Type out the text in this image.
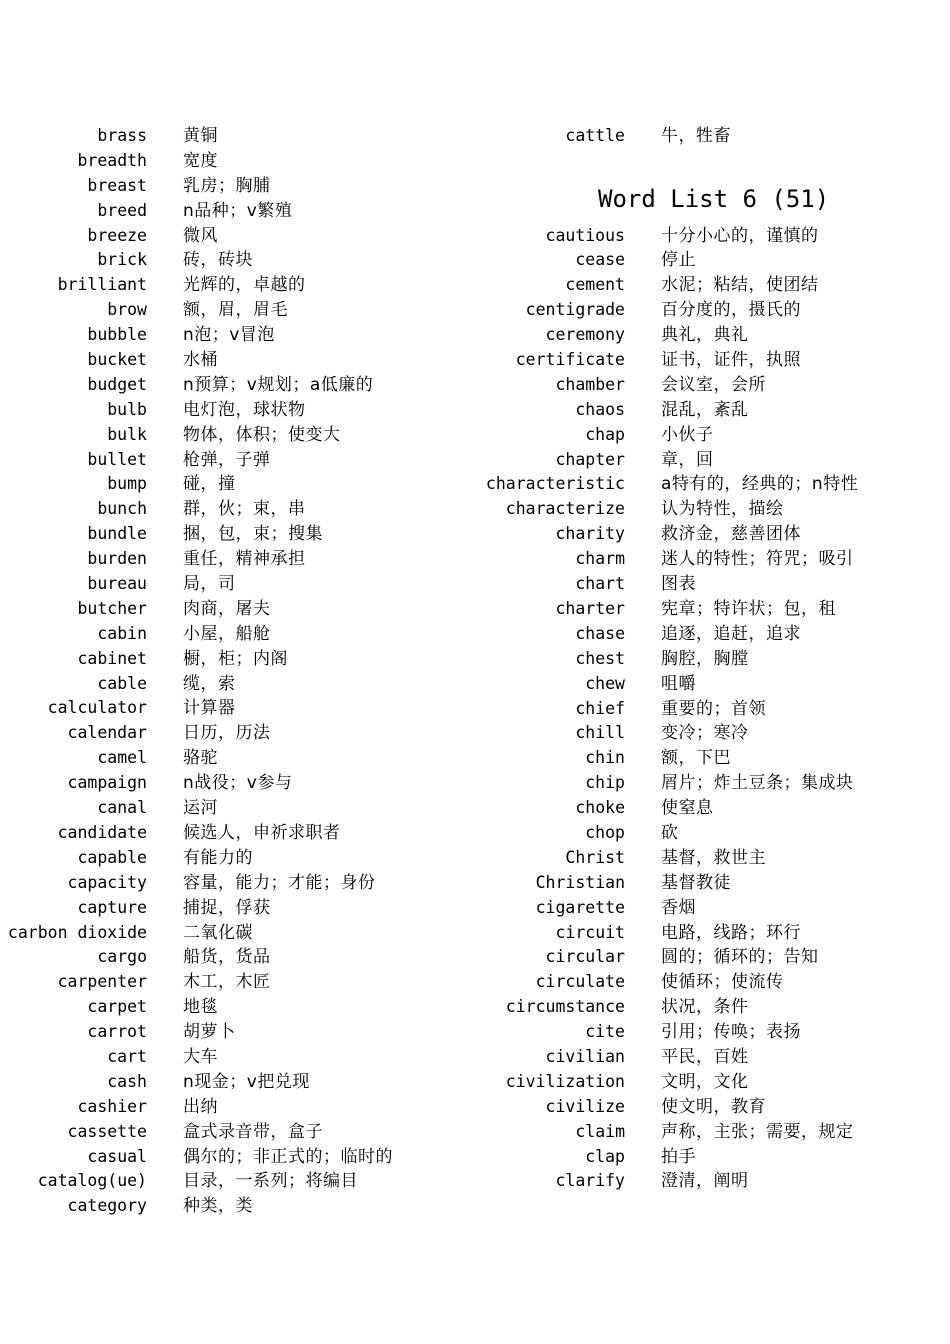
brass 黄铜
breadth 宽度
breast 乳房；胸脯
breed n品种；v繁殖
breeze 微风
brick 砖，砖块
brilliant 光辉的，卓越的
brow 额，眉，眉毛
bubble n泡；v冒泡
bucket 水桶
budget n预算；v规划；a低廉的
bulb 电灯泡，球状物
bulk 物体，体积；使变大
bullet 枪弹，子弹
bump 碰，撞
bunch 群，伙；束，串
bundle 捆，包，束；搜集
burden 重任，精神承担
bureau 局，司
butcher 肉商，屠夫
cabin 小屋，船舱
cabinet 橱，柜；内阁
cable 缆，索
calculator 计算器
calendar 日历，历法
camel 骆驼
campaign n战役；v参与
canal 运河
candidate 候选人，申祈求职者
capable 有能力的
capacity 容量，能力；才能；身份
capture 捕捉，俘获
carbon dioxide 二氧化碳
cargo 船货，货品
carpenter 木工，木匠
carpet 地毯
carrot 胡萝卜
cart 大车
cash n现金；v把兑现
cashier 出纳
cassette 盒式录音带，盒子
casual 偶尔的；非正式的；临时的
catalog(ue) 目录，一系列；将编目
category 种类，类
cattle 牛，牲畜
Word List 6 (51)
cautious 十分小心的，谨慎的
cease 停止
cement 水泥；粘结，使团结
centigrade 百分度的，摄氏的
ceremony 典礼，典礼
certificate 证书，证件，执照
chamber 会议室，会所
chaos 混乱，紊乱
chap 小伙子
chapter 章，回
characteristic a特有的，经典的；n特性
characterize 认为特性，描绘
charity 救济金，慈善团体
charm 迷人的特性；符咒；吸引
chart 图表
charter 宪章；特许状；包，租
chase 追逐，追赶，追求
chest 胸腔，胸膛
chew 咀嚼
chief 重要的；首领
chill 变冷；寒冷
chin 额，下巴
chip 屑片；炸土豆条；集成块
choke 使窒息
chop 砍
Christ 基督，救世主
Christian 基督教徒
cigarette 香烟
circuit 电路，线路；环行
circular 圆的；循环的；告知
circulate 使循环；使流传
circumstance 状况，条件
cite 引用；传唤；表扬
civilian 平民，百姓
civilization 文明，文化
civilize 使文明，教育
claim 声称，主张；需要，规定
clap 拍手
clarify 澄清，阐明
